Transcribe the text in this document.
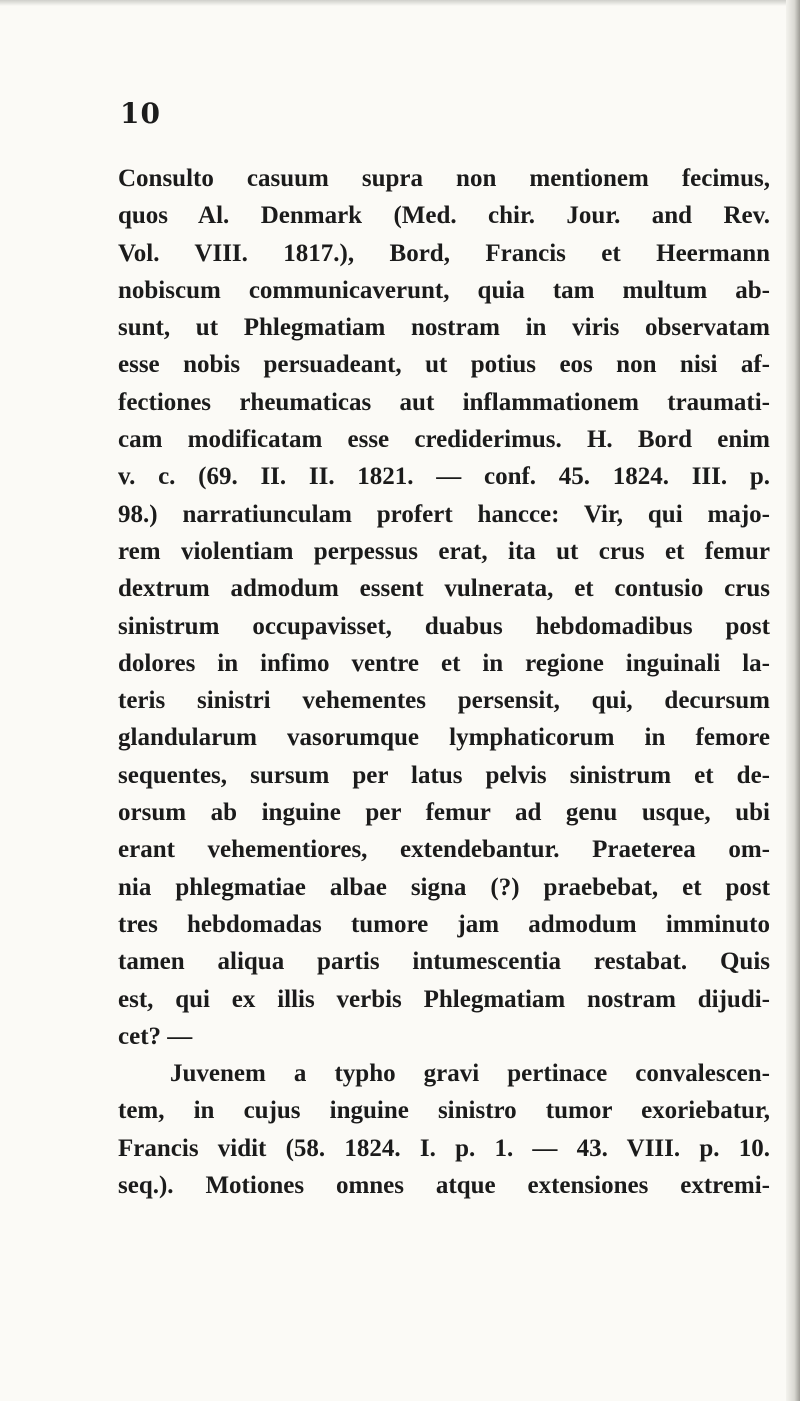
10
Consulto casuum supra non mentionem fecimus,
quos Al. Denmark (Med. chir. Jour. and Rev.
Vol. VIII. 1817.), Bord, Francis et Heermann
nobiscum communicaverunt, quia tam multum ab-
sunt, ut Phlegmatiam nostram in viris observatam
esse nobis persuadeant, ut potius eos non nisi af-
fectiones rheumaticas aut inflammationem traumati-
cam modificatam esse crediderimus. H. Bord enim
v. c. (69. II. II. 1821. — conf. 45. 1824. III. p.
98.) narratiunculam profert hancce: Vir, qui majo-
rem violentiam perpessus erat, ita ut crus et femur
dextrum admodum essent vulnerata, et contusio crus
sinistrum occupavisset, duabus hebdomadibus post
dolores in infimo ventre et in regione inguinali la-
teris sinistri vehementes persensit, qui, decursum
glandularum vasorumque lymphaticorum in femore
sequentes, sursum per latus pelvis sinistrum et de-
orsum ab inguine per femur ad genu usque, ubi
erant vehementiores, extendebantur. Praeterea om-
nia phlegmatiae albae signa (?) praebebat, et post
tres hebdomadas tumore jam admodum imminuto
tamen aliqua partis intumescentia restabat. Quis
est, qui ex illis verbis Phlegmatiam nostram dijudi-
cet? —
Juvenem a typho gravi pertinace convalescen-
tem, in cujus inguine sinistro tumor exoriebatur,
Francis vidit (58. 1824. I. p. 1. — 43. VIII. p. 10.
seq.). Motiones omnes atque extensiones extremi-
